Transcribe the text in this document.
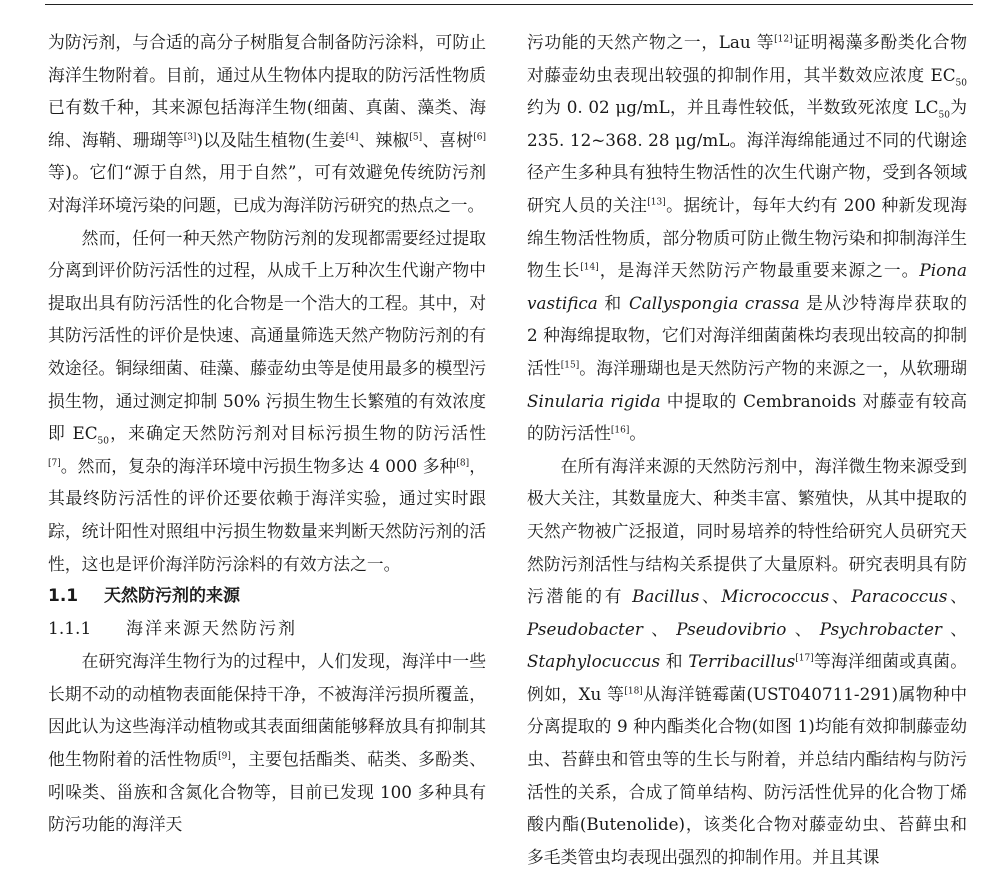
为防污剂，与合适的高分子树脂复合制备防污涂料，可防止海洋生物附着。目前，通过从生物体内提取的防污活性物质已有数千种，其来源包括海洋生物(细菌、真菌、藻类、海绵、海鞘、珊瑚等[3])以及陆生植物(生姜[4]、辣椒[5]、喜树[6]等)。它们“源于自然，用于自然”，可有效避免传统防污剂对海洋环境污染的问题，已成为海洋防污研究的热点之一。

然而，任何一种天然产物防污剂的发现都需要经过提取分离到评价防污活性的过程，从成千上万种次生代谢产物中提取出具有防污活性的化合物是一个浩大的工程。其中，对其防污活性的评价是快速、高通量筛选天然产物防污剂的有效途径。铜绿细菌、硅藻、藤壶幼虫等是使用最多的模型污损生物，通过测定抑制 50% 污损生物生长繁殖的有效浓度即 $EC_{50}$，来确定天然防污剂对目标污损生物的防污活性[7]。然而，复杂的海洋环境中污损生物多达 4 000 多种[8]，其最终防污活性的评价还要依赖于海洋实验，通过实时跟踪，统计阳性对照组中污损生物数量来判断天然防污剂的活性，这也是评价海洋防污涂料的有效方法之一。

1.1 天然防污剂的来源

1.1.1 海洋来源天然防污剂

在研究海洋生物行为的过程中，人们发现，海洋中一些长期不动的动植物表面能保持干净，不被海洋污损所覆盖，因此认为这些海洋动植物或其表面细菌能够释放具有抑制其他生物附着的活性物质[9]，主要包括酯类、萜类、多酚类、吲哚类、甾族和含氮化合物等，目前已发现 100 多种具有防污功能的海洋天

污功能的天然产物之一，Lau 等[12]证明褐藻多酚类化合物对藤壶幼虫表现出较强的抑制作用，其半数效应浓度 $EC_{50}$约为 0. 02 μg/mL，并且毒性较低，半数致死浓度 $LC_{50}$为 235. 12~368. 28 μg/mL。海洋海绵能通过不同的代谢途径产生多种具有独特生物活性的次生代谢产物，受到各领域研究人员的关注[13]。据统计，每年大约有 200 种新发现海绵生物活性物质，部分物质可防止微生物污染和抑制海洋生物生长[14]，是海洋天然防污产物最重要来源之一。Piona vastifica 和 Callyspongia crassa 是从沙特海岸获取的 2 种海绵提取物，它们对海洋细菌菌株均表现出较高的抑制活性[15]。海洋珊瑚也是天然防污产物的来源之一，从软珊瑚 Sinularia rigida 中提取的 Cembranoids 对藤壶有较高的防污活性[16]。

在所有海洋来源的天然防污剂中，海洋微生物来源受到极大关注，其数量庞大、种类丰富、繁殖快，从其中提取的天然产物被广泛报道，同时易培养的特性给研究人员研究天然防污剂活性与结构关系提供了大量原料。研究表明具有防污潜能的有 Bacillus、Micrococcus、Paracoccus、Pseudobacter、Pseudovibrio、Psychrobacter、Staphylocuccus 和 Terribacillus[17]等海洋细菌或真菌。例如，Xu 等[18]从海洋链霉菌(UST040711-291)属物种中分离提取的 9 种内酯类化合物(如图 1)均能有效抑制藤壶幼虫、苔藓虫和管虫等的生长与附着，并总结内酯结构与防污活性的关系，合成了简单结构、防污活性优异的化合物丁烯酸内酯(Butenolide)，该类化合物对藤壶幼虫、苔藓虫和多毛类管虫均表现出强烈的抑制作用。并且其课
